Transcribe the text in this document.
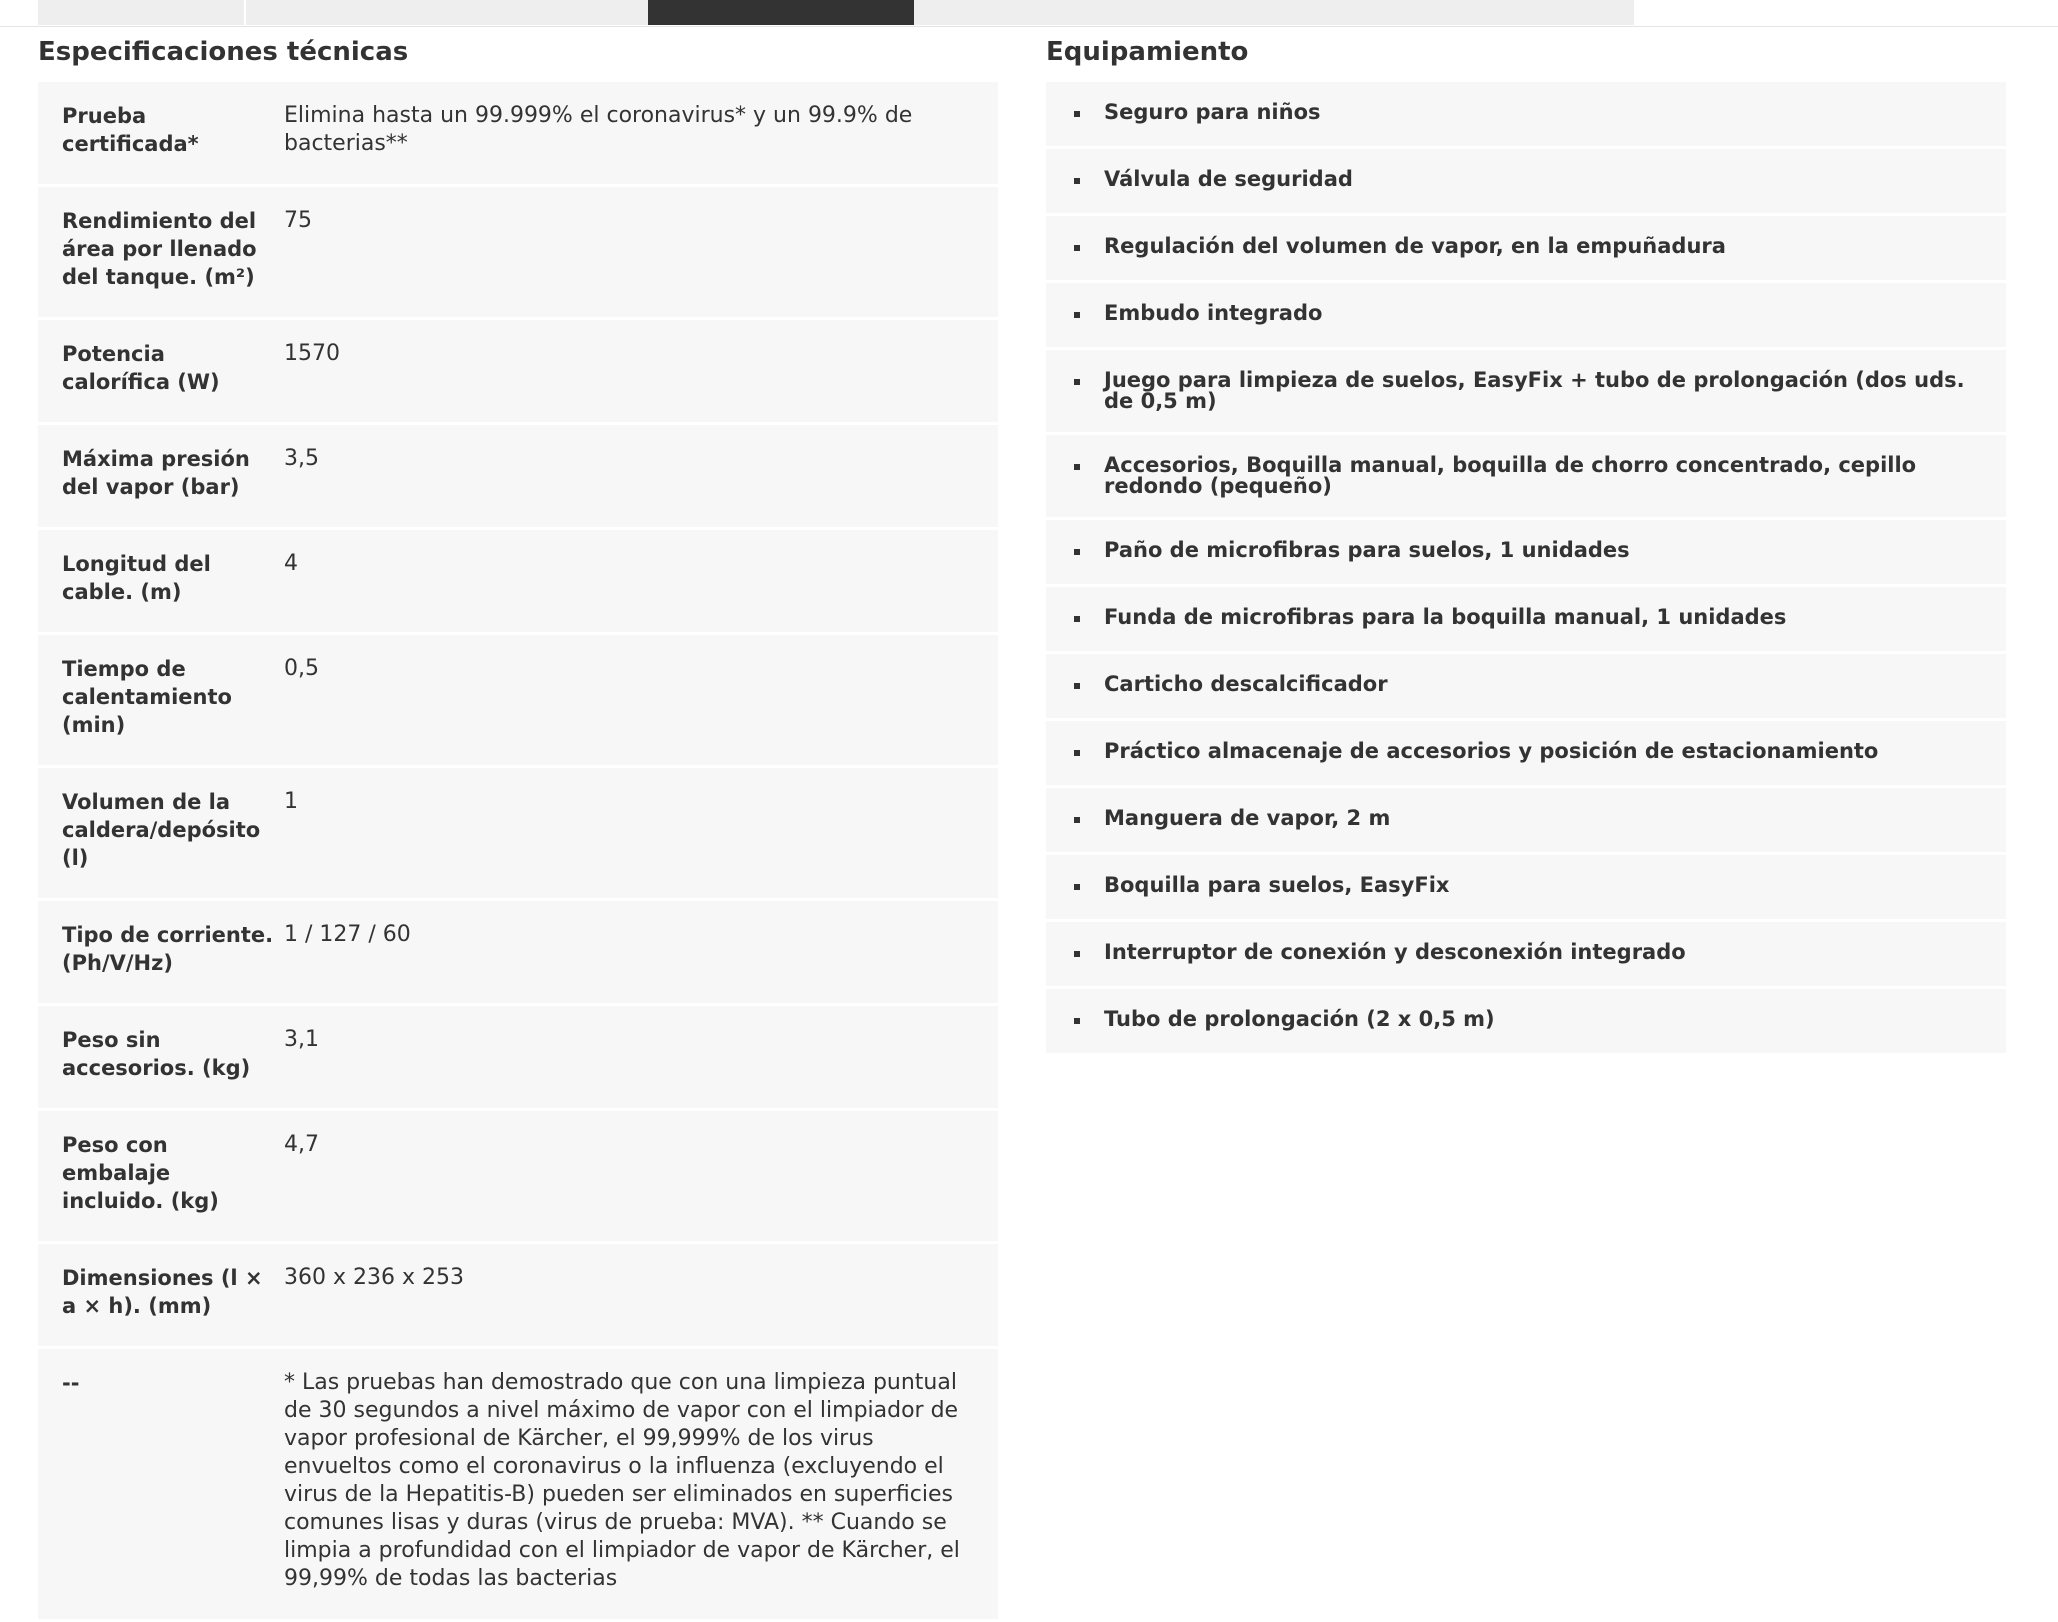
Especificaciones técnicas	Equipamiento
Prueba certificada*
Elimina hasta un 99.999% el coronavirus* y un 99.9% de bacterias**
Rendimiento del área por llenado del tanque. (m²)
75
Potencia calorífica (W)
1570
Máxima presión del vapor (bar)
3,5
Longitud del cable. (m)
4
Tiempo de calentamiento (min)
0,5
Volumen de la caldera/depósito (l)
1
Tipo de corriente. (Ph/V/Hz)
1 / 127 / 60
Peso sin accesorios. (kg)
3,1
Peso con embalaje incluido. (kg)
4,7
Dimensiones (l × a × h). (mm)
360 x 236 x 253
--	* Las pruebas han demostrado que con una limpieza puntual de 30 segundos a nivel máximo de vapor con el limpiador de vapor profesional de Kärcher, el 99,999% de los virus envueltos como el coronavirus o la influenza (excluyendo el virus de la Hepatitis-B) pueden ser eliminados en superficies comunes lisas y duras (virus de prueba: MVA). ** Cuando se limpia a profundidad con el limpiador de vapor de Kärcher, el 99,99% de todas las bacterias
Seguro para niños
Válvula de seguridad
Regulación del volumen de vapor, en la empuñadura
Embudo integrado
Juego para limpieza de suelos, EasyFix + tubo de prolongación (dos uds. de 0,5 m)
Accesorios, Boquilla manual, boquilla de chorro concentrado, cepillo redondo (pequeño)
Paño de microfibras para suelos, 1 unidades
Funda de microfibras para la boquilla manual, 1 unidades
Carticho descalcificador
Práctico almacenaje de accesorios y posición de estacionamiento
Manguera de vapor, 2 m
Boquilla para suelos, EasyFix
Interruptor de conexión y desconexión integrado
Tubo de prolongación (2 x 0,5 m)
